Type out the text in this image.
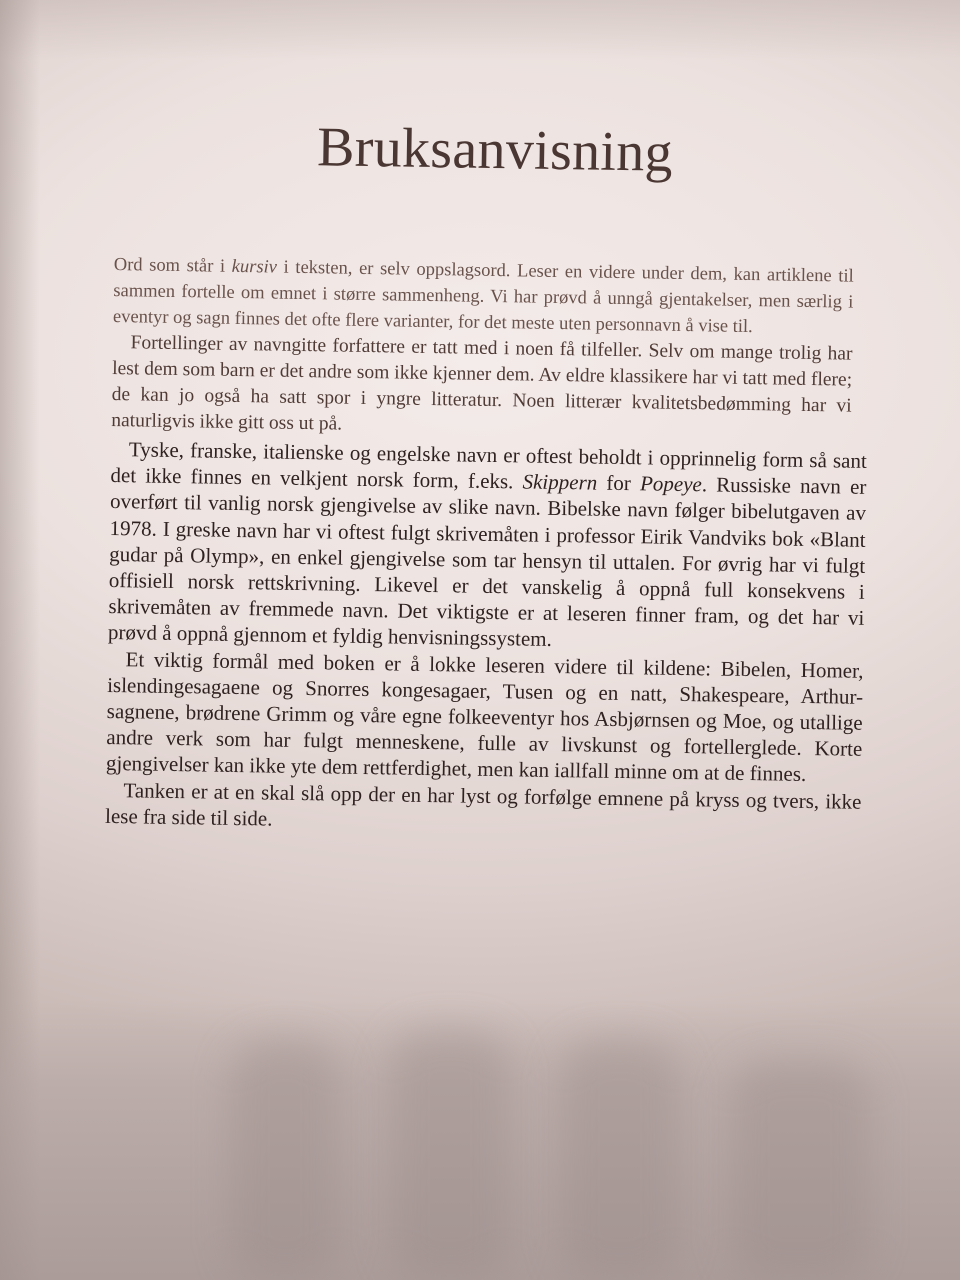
Bruksanvisning

Ord som står i kursiv i teksten, er selv oppslagsord. Leser en videre under dem, kan artiklene til sammen fortelle om emnet i større sammenheng. Vi har prøvd å unngå gjentakelser, men særlig i eventyr og sagn finnes det ofte flere varianter, for det meste uten personnavn å vise til.

Fortellinger av navngitte forfattere er tatt med i noen få tilfeller. Selv om mange trolig har lest dem som barn er det andre som ikke kjenner dem. Av eldre klassikere har vi tatt med flere; de kan jo også ha satt spor i yngre litteratur. Noen litterær kvalitetsbedømming har vi naturligvis ikke gitt oss ut på.

Tyske, franske, italienske og engelske navn er oftest beholdt i opprinnelig form så sant det ikke finnes en velkjent norsk form, f.eks. Skippern for Popeye. Russiske navn er overført til vanlig norsk gjengivelse av slike navn. Bibelske navn følger bibelutgaven av 1978. I greske navn har vi oftest fulgt skrivemåten i professor Eirik Vandviks bok «Blant gudar på Olymp», en enkel gjengivelse som tar hensyn til uttalen. For øvrig har vi fulgt offisiell norsk rettskrivning. Likevel er det vanskelig å oppnå full konsekvens i skrivemåten av fremmede navn. Det viktigste er at leseren finner fram, og det har vi prøvd å oppnå gjennom et fyldig henvisningssystem.

Et viktig formål med boken er å lokke leseren videre til kildene: Bibelen, Homer, islendingesagaene og Snorres kongesagaer, Tusen og en natt, Shakespeare, Arthur-sagnene, brødrene Grimm og våre egne folkeeventyr hos Asbjørnsen og Moe, og utallige andre verk som har fulgt menneskene, fulle av livskunst og fortellerglede. Korte gjengivelser kan ikke yte dem rettferdighet, men kan iallfall minne om at de finnes.

Tanken er at en skal slå opp der en har lyst og forfølge emnene på kryss og tvers, ikke lese fra side til side.
